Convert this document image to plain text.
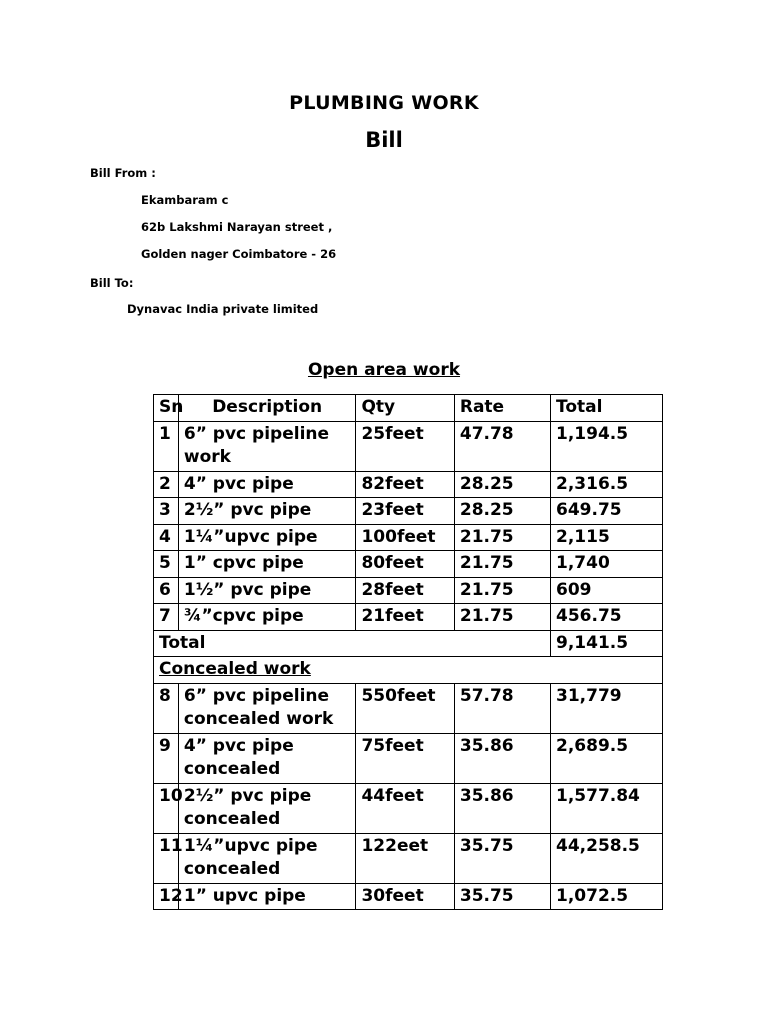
PLUMBING WORK
Bill
Bill From :
Ekambaram c
62b Lakshmi Narayan street ,
Golden nager Coimbatore - 26
Bill To:
Dynavac India private limited
Open area work
Sn	Description	Qty	Rate	Total
1	6” pvc pipeline work	25feet	47.78	1,194.5
2	4” pvc pipe	82feet	28.25	2,316.5
3	2½” pvc pipe	23feet	28.25	649.75
4	1¼”upvc pipe	100feet	21.75	2,115
5	1” cpvc pipe	80feet	21.75	1,740
6	1½” pvc pipe	28feet	21.75	609
7	¾”cpvc pipe	21feet	21.75	456.75
Total				9,141.5
Concealed work				
8	6” pvc pipeline concealed work	550feet	57.78	31,779
9	4” pvc pipe concealed	75feet	35.86	2,689.5
10	2½” pvc pipe concealed	44feet	35.86	1,577.84
11	1¼”upvc pipe concealed	122eet	35.75	44,258.5
12	1” upvc pipe	30feet	35.75	1,072.5
